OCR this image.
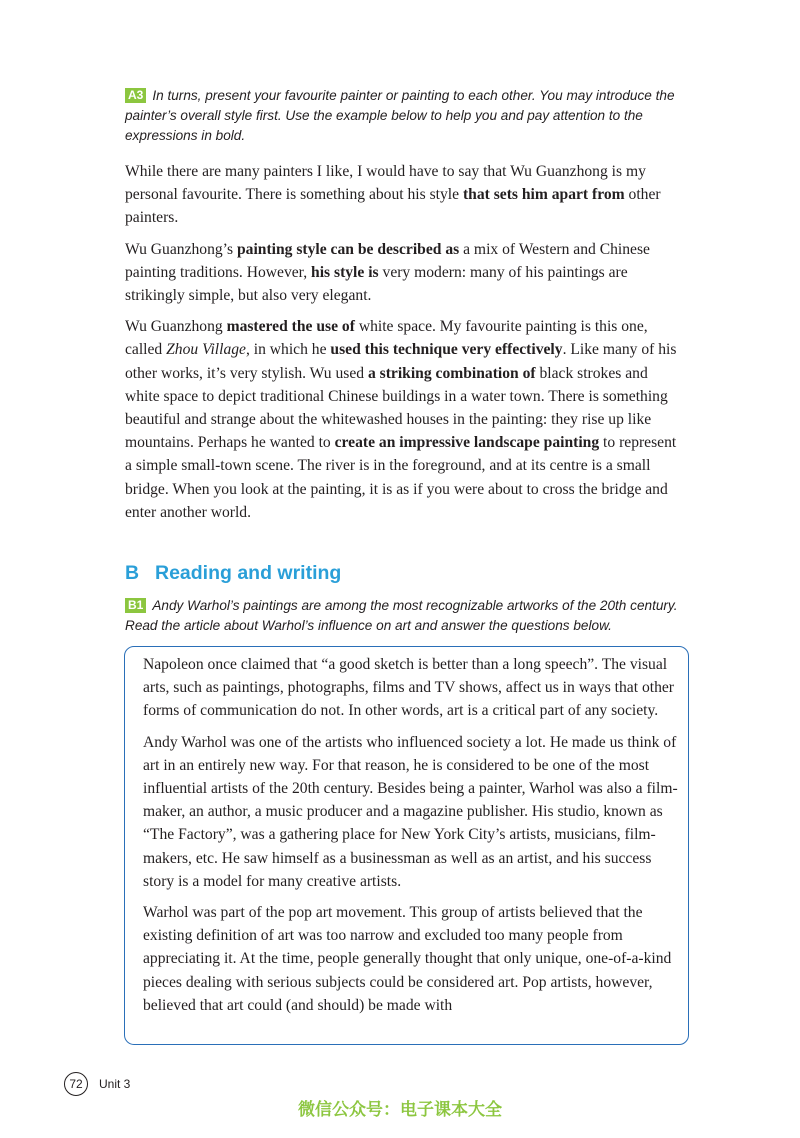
A3 In turns, present your favourite painter or painting to each other. You may introduce the painter’s overall style first. Use the example below to help you and pay attention to the expressions in bold.

While there are many painters I like, I would have to say that Wu Guanzhong is my personal favourite. There is something about his style that sets him apart from other painters.

Wu Guanzhong’s painting style can be described as a mix of Western and Chinese painting traditions. However, his style is very modern: many of his paintings are strikingly simple, but also very elegant.

Wu Guanzhong mastered the use of white space. My favourite painting is this one, called Zhou Village, in which he used this technique very effectively. Like many of his other works, it’s very stylish. Wu used a striking combination of black strokes and white space to depict traditional Chinese buildings in a water town. There is something beautiful and strange about the whitewashed houses in the painting: they rise up like mountains. Perhaps he wanted to create an impressive landscape painting to represent a simple small-town scene. The river is in the foreground, and at its centre is a small bridge. When you look at the painting, it is as if you were about to cross the bridge and enter another world.

B Reading and writing
B1 Andy Warhol’s paintings are among the most recognizable artworks of the 20th century. Read the article about Warhol’s influence on art and answer the questions below.

Napoleon once claimed that “a good sketch is better than a long speech”. The visual arts, such as paintings, photographs, films and TV shows, affect us in ways that other forms of communication do not. In other words, art is a critical part of any society.

Andy Warhol was one of the artists who influenced society a lot. He made us think of art in an entirely new way. For that reason, he is considered to be one of the most influential artists of the 20th century. Besides being a painter, Warhol was also a film-maker, an author, a music producer and a magazine publisher. His studio, known as “The Factory”, was a gathering place for New York City’s artists, musicians, film-makers, etc. He saw himself as a businessman as well as an artist, and his success story is a model for many creative artists.

Warhol was part of the pop art movement. This group of artists believed that the existing definition of art was too narrow and excluded too many people from appreciating it. At the time, people generally thought that only unique, one-of-a-kind pieces dealing with serious subjects could be considered art. Pop artists, however, believed that art could (and should) be made with

72	Unit 3
微信公众号：电子课本大全
